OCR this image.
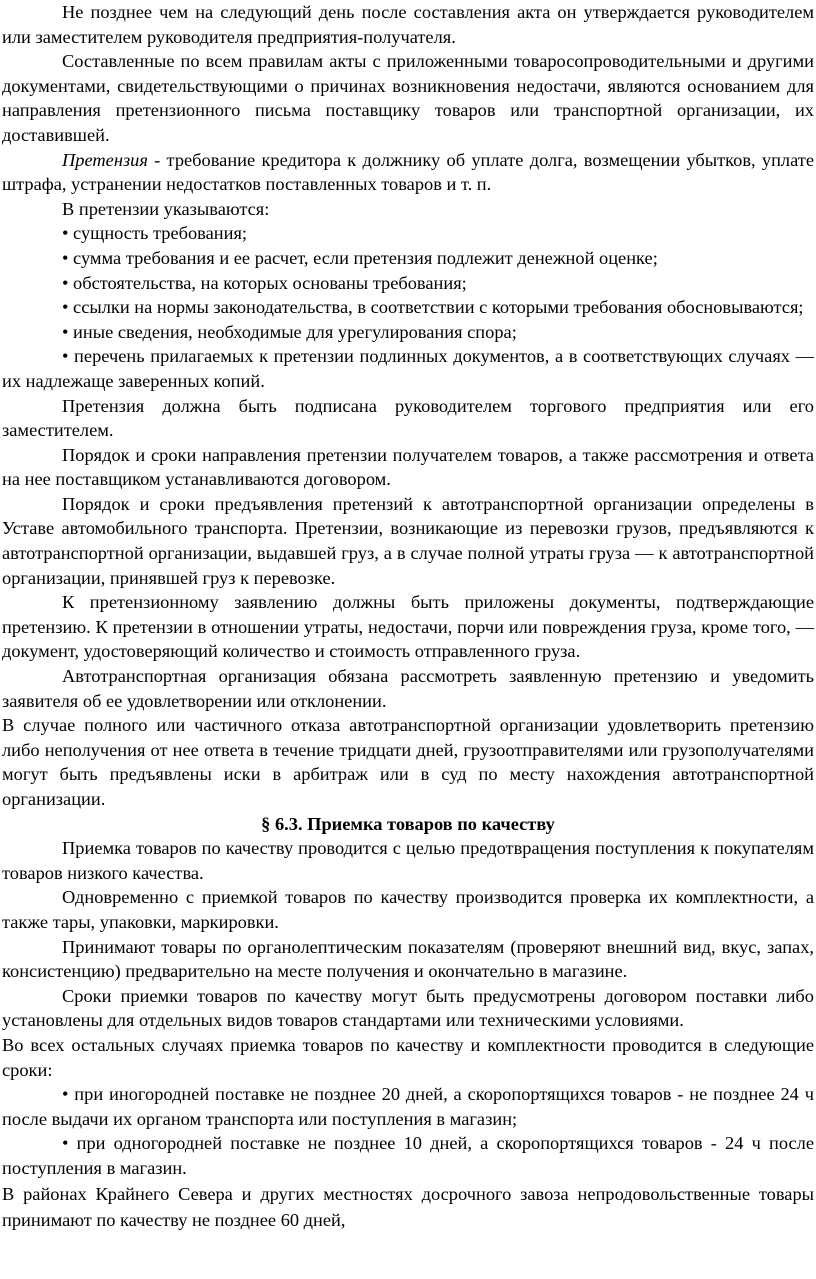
Не позднее чем на следующий день после составления акта он утверждается руководителем или заместителем руководителя предприятия-получателя.

Составленные по всем правилам акты с приложенными товаросопроводительными и другими документами, свидетельствующими о причинах возникновения недостачи, являются основанием для направления претензионного письма поставщику товаров или транспортной организации, их доставившей.

Претензия - требование кредитора к должнику об уплате долга, возмещении убытков, уплате штрафа, устранении недостатков поставленных товаров и т. п.

В претензии указываются:

• сущность требования;

• сумма требования и ее расчет, если претензия подлежит денежной оценке;

• обстоятельства, на которых основаны требования;

• ссылки на нормы законодательства, в соответствии с которыми требования обосновываются;

• иные сведения, необходимые для урегулирования спора;

• перечень прилагаемых к претензии подлинных документов, а в соответствующих случаях — их надлежаще заверенных копий.

Претензия должна быть подписана руководителем торгового предприятия или его заместителем.

Порядок и сроки направления претензии получателем товаров, а также рассмотрения и ответа на нее поставщиком устанавливаются договором.

Порядок и сроки предъявления претензий к автотранспортной организации определены в Уставе автомобильного транспорта. Претензии, возникающие из перевозки грузов, предъявляются к автотранспортной организации, выдавшей груз, а в случае полной утраты груза — к автотранспортной организации, принявшей груз к перевозке.

К претензионному заявлению должны быть приложены документы, подтверждающие претензию. К претензии в отношении утраты, недостачи, порчи или повреждения груза, кроме того, — документ, удостоверяющий количество и стоимость отправленного груза.

Автотранспортная организация обязана рассмотреть заявленную претензию и уведомить заявителя об ее удовлетворении или отклонении.

В случае полного или частичного отказа автотранспортной организации удовлетворить претензию либо неполучения от нее ответа в течение тридцати дней, грузоотправителями или грузополучателями могут быть предъявлены иски в арбитраж или в суд по месту нахождения автотранспортной организации.

§ 6.3. Приемка товаров по качеству

Приемка товаров по качеству проводится с целью предотвращения поступления к покупателям товаров низкого качества.

Одновременно с приемкой товаров по качеству производится проверка их комплектности, а также тары, упаковки, маркировки.

Принимают товары по органолептическим показателям (проверяют внешний вид, вкус, запах, консистенцию) предварительно на месте получения и окончательно в магазине.

Сроки приемки товаров по качеству могут быть предусмотрены договором поставки либо установлены для отдельных видов товаров стандартами или техническими условиями.

Во всех остальных случаях приемка товаров по качеству и комплектности проводится в следующие сроки:

• при иногородней поставке не позднее 20 дней, а скоропортящихся товаров - не позднее 24 ч после выдачи их органом транспорта или поступления в магазин;

• при одногородней поставке не позднее 10 дней, а скоропортящихся товаров - 24 ч после поступления в магазин.

В районах Крайнего Севера и других местностях досрочного завоза непродовольственные товары принимают по качеству не позднее 60 дней,
